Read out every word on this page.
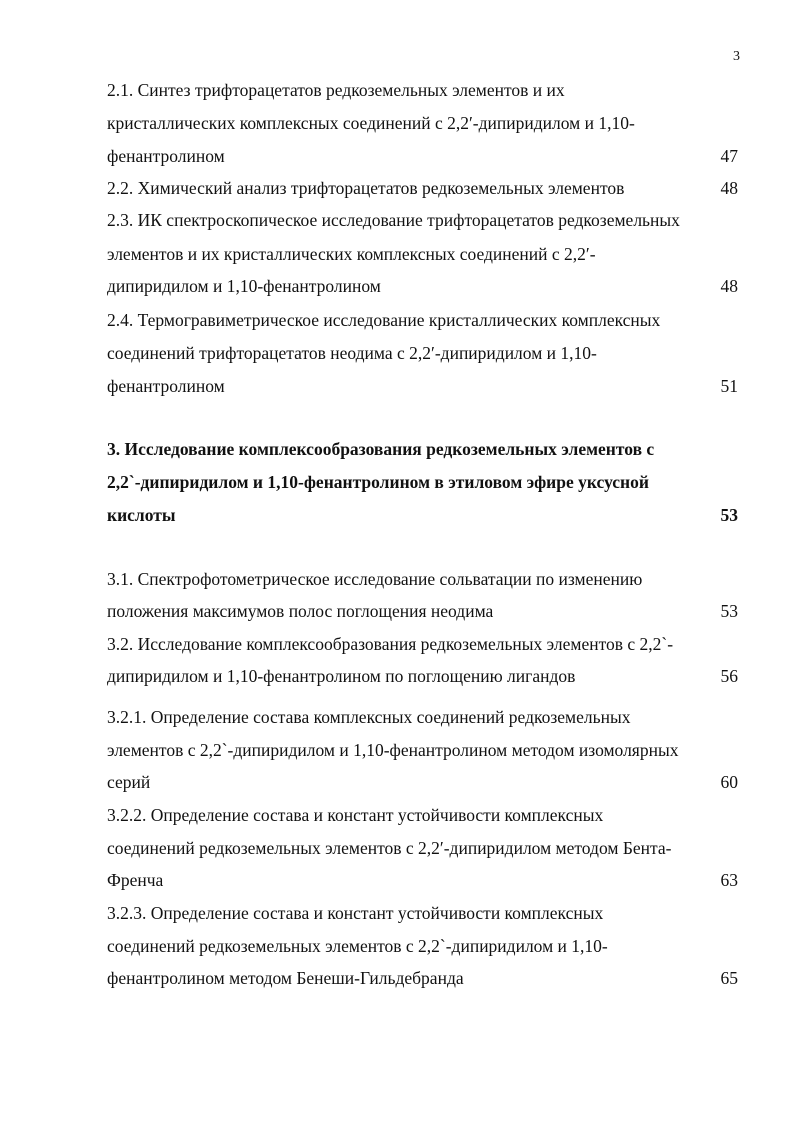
3
2.1. Синтез трифторацетатов редкоземельных элементов и их
кристаллических комплексных соединений с 2,2′-дипиридилом и 1,10-
фенантролином	47
2.2. Химический анализ трифторацетатов редкоземельных элементов	48
2.3. ИК спектроскопическое исследование трифторацетатов редкоземельных
элементов и их кристаллических комплексных соединений с 2,2′-
дипиридилом и 1,10-фенантролином	48
2.4. Термогравиметрическое исследование кристаллических комплексных
соединений трифторацетатов неодима с 2,2′-дипиридилом и 1,10-
фенантролином	51
3. Исследование комплексообразования редкоземельных элементов с
2,2`-дипиридилом и 1,10-фенантролином в этиловом эфире уксусной
кислоты	53
3.1. Спектрофотометрическое исследование сольватации по изменению
положения максимумов полос поглощения неодима	53
3.2. Исследование комплексообразования редкоземельных элементов с 2,2`-
дипиридилом и 1,10-фенантролином по поглощению лигандов	56
3.2.1. Определение состава комплексных соединений редкоземельных
элементов с 2,2`-дипиридилом и 1,10-фенантролином методом изомолярных
серий	60
3.2.2. Определение состава и констант устойчивости комплексных
соединений редкоземельных элементов с 2,2′-дипиридилом методом Бента-
Френча	63
3.2.3. Определение состава и констант устойчивости комплексных
соединений редкоземельных элементов с 2,2`-дипиридилом и 1,10-
фенантролином методом Бенеши-Гильдебранда	65
